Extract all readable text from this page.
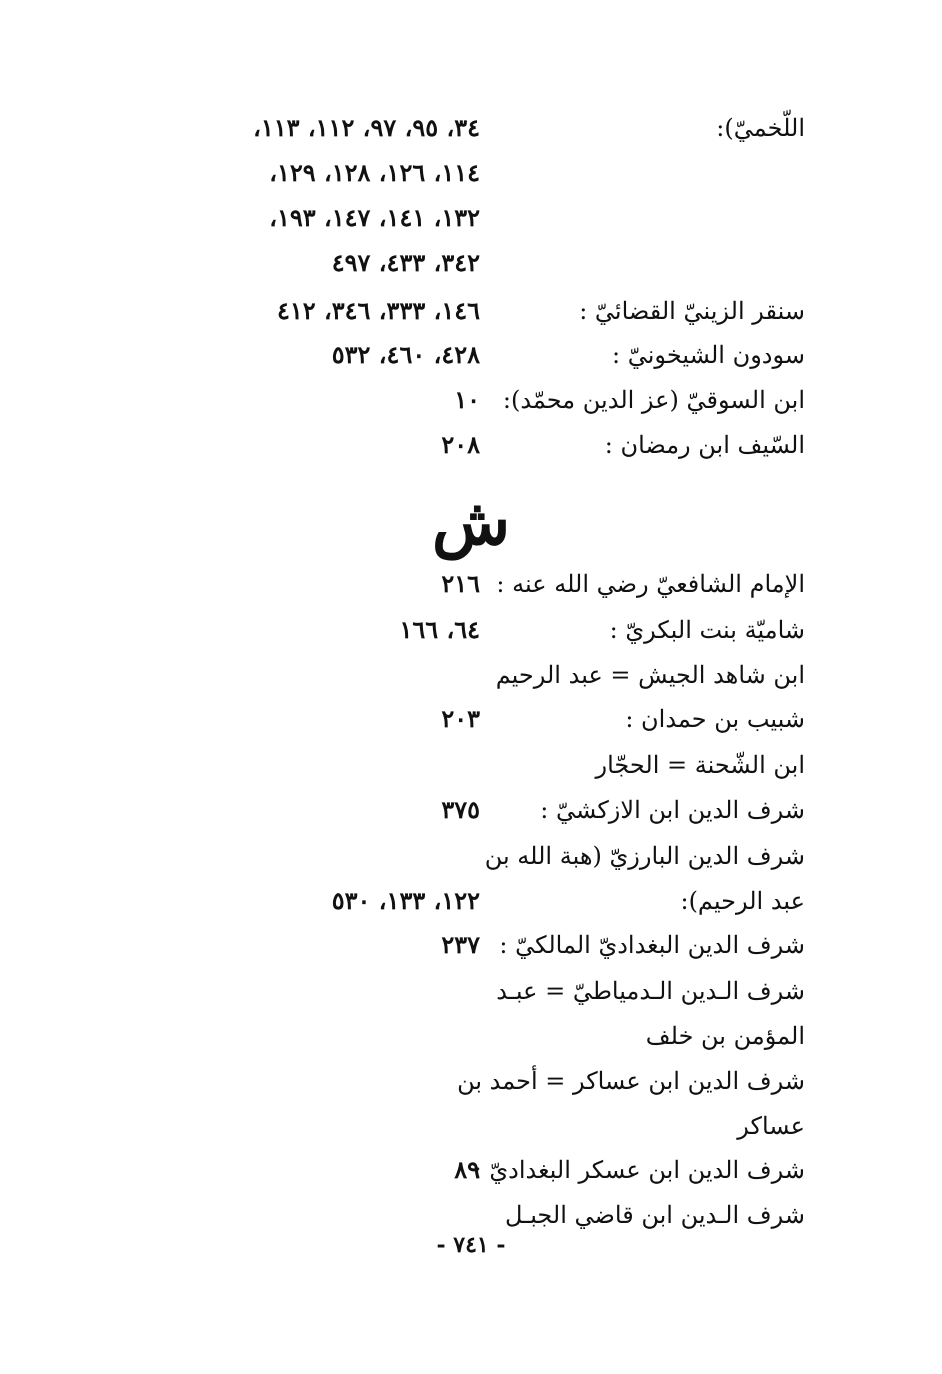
اللّخميّ):
٣٤، ٩٥، ٩٧، ١١٢، ١١٣،
١١٤، ١٢٦، ١٢٨، ١٢٩،
١٣٢، ١٤١، ١٤٧، ١٩٣،
٣٤٢، ٤٣٣، ٤٩٧
سنقر الزينيّ القضائيّ :
١٤٦، ٣٣٣، ٣٤٦، ٤١٢
سودون الشيخونيّ :
٤٢٨، ٤٦٠، ٥٣٢
ابن السوقيّ (عز الدين محمّد):
١٠
السّيف ابن رمضان :
٢٠٨
ش
الإمام الشافعيّ رضي الله عنه :
٢١٦
شاميّة بنت البكريّ :
٦٤، ١٦٦
ابن شاهد الجيش = عبد الرحيم
شبيب بن حمدان :
٢٠٣
ابن الشّحنة = الحجّار
شرف الدين ابن الازكشيّ :
٣٧٥
شرف الدين البارزيّ (هبة الله بن
عبد الرحيم):
١٢٢، ١٣٣، ٥٣٠
شرف الدين البغداديّ المالكيّ :
٢٣٧
شرف الـدين الـدمياطيّ = عبـد
المؤمن بن خلف
شرف الدين ابن عساكر = أحمد بن
عساكر
شرف الدين ابن عسكر البغداديّ :
٨٩
شرف الـدين ابن قاضي الجبـل
- ٧٤١ -
